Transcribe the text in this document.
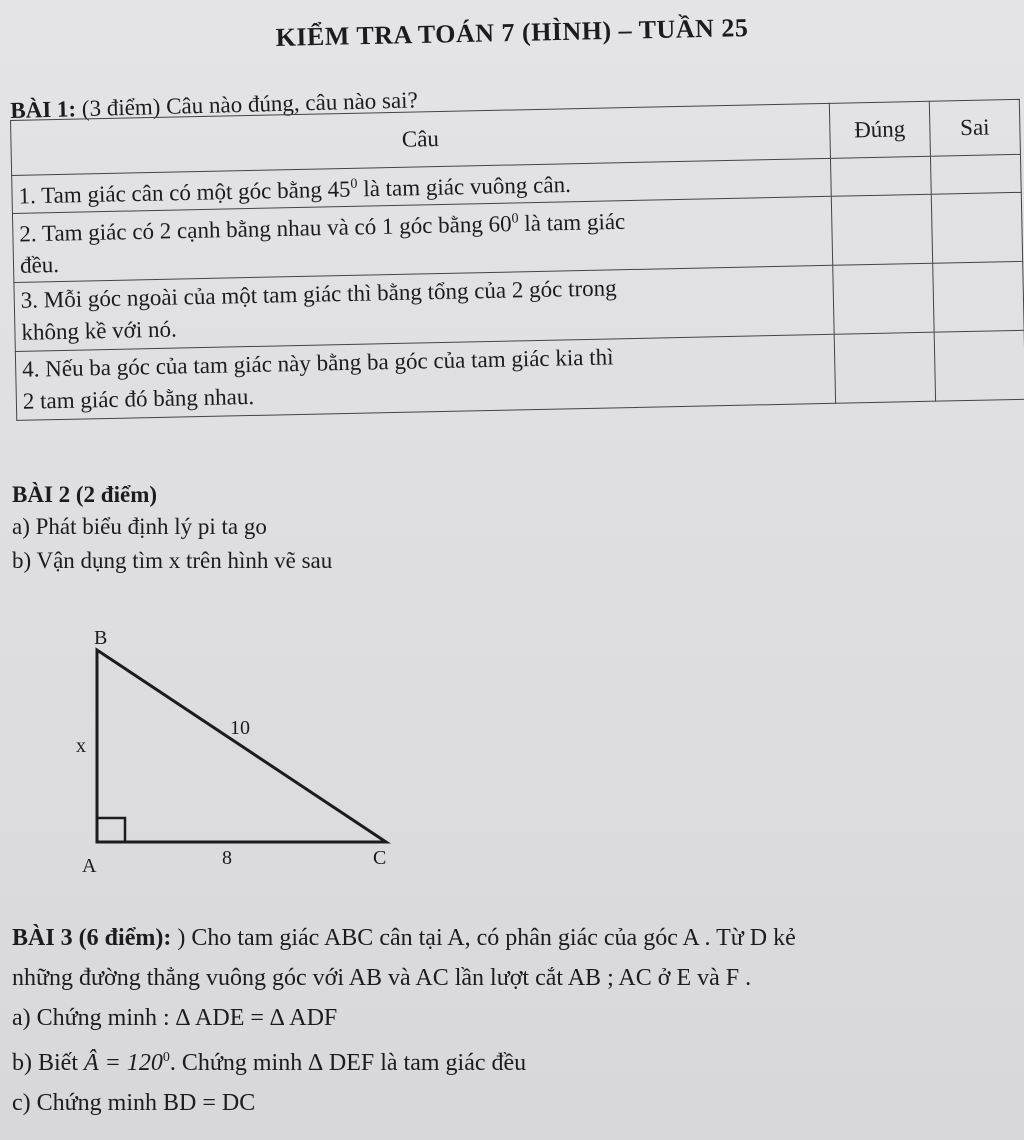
KIỂM TRA TOÁN 7 (HÌNH) – TUẦN 25
BÀI 1: (3 điểm) Câu nào đúng, câu nào sai?
Câu	Đúng	Sai
1. Tam giác cân có một góc bằng $45^0$ là tam giác vuông cân.		
2. Tam giác có 2 cạnh bằng nhau và có 1 góc bằng $60^0$ là tam giác
đều.		
3. Mỗi góc ngoài của một tam giác thì bằng tổng của 2 góc trong
không kề với nó.		
4. Nếu ba góc của tam giác này bằng ba góc của tam giác kia thì
2 tam giác đó bằng nhau.		
BÀI 2 (2 điểm)
a) Phát biểu định lý pi ta go
b) Vận dụng tìm x trên hình vẽ sau
B
A	C
x
10
8
BÀI 3 (6 điểm): ) Cho tam giác ABC cân tại A, có phân giác của góc A . Từ D kẻ
những đường thẳng vuông góc với AB và AC lần lượt cắt AB ; AC ở E và F .
a) Chứng minh : ∆ ADE = ∆ ADF
b) Biết Â = $120^0$. Chứng minh ∆ DEF là tam giác đều
c) Chứng minh BD = DC
